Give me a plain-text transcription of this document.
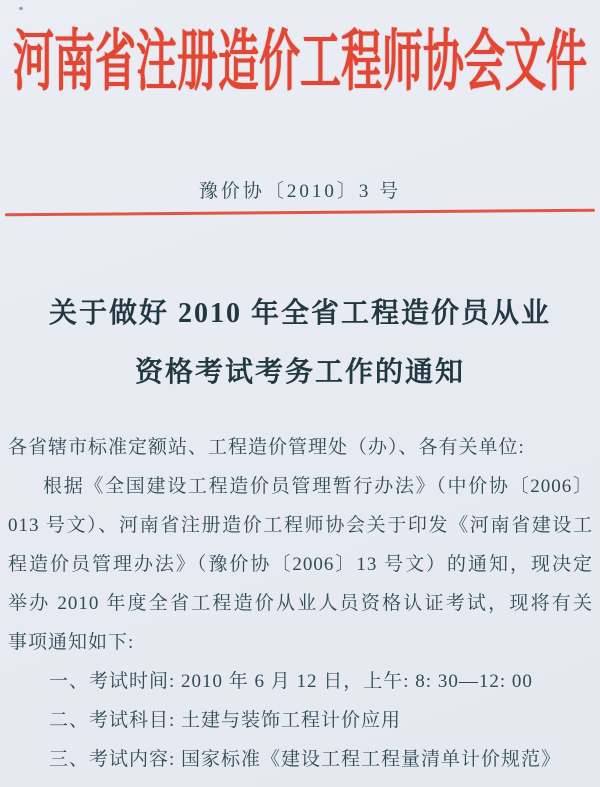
河南省注册造价工程师协会文件
豫价协〔2010〕3 号
关于做好 2010 年全省工程造价员从业
资格考试考务工作的通知
各省辖市标准定额站、工程造价管理处（办）、各有关单位:
根据《全国建设工程造价员管理暂行办法》（中价协〔2006〕
013 号文）、河南省注册造价工程师协会关于印发《河南省建设工
程造价员管理办法》（豫价协〔2006〕13 号文）的通知，现决定
举办 2010 年度全省工程造价从业人员资格认证考试，现将有关
事项通知如下:
一、考试时间: 2010 年 6 月 12 日，上午: 8: 30—12: 00
二、考试科目: 土建与装饰工程计价应用
三、考试内容: 国家标准《建设工程工程量清单计价规范》
